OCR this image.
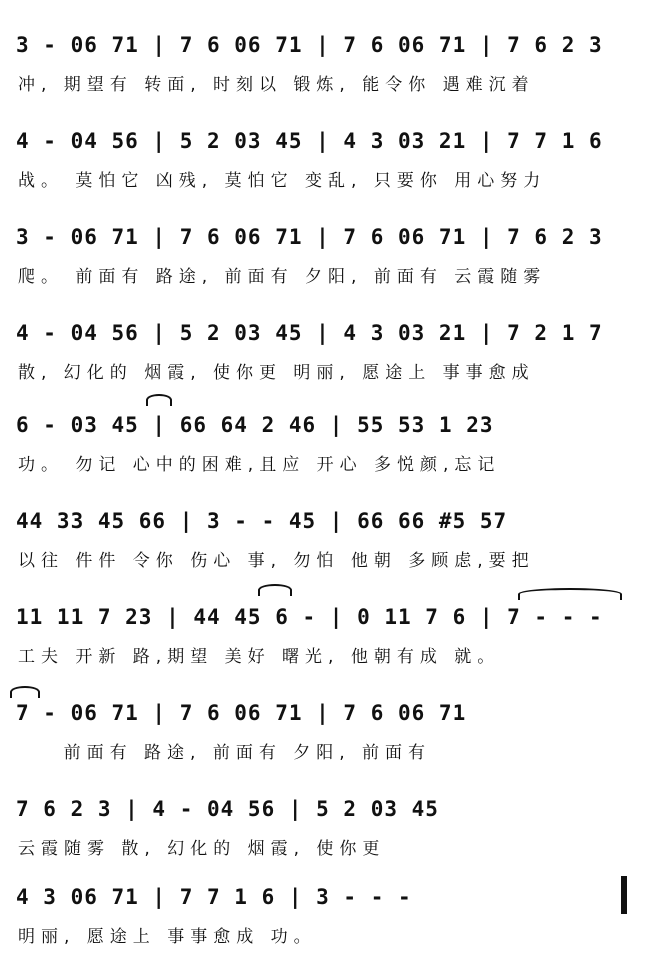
3 - 06 71 | 7 6 06 71 | 7 6 06 71 | 7 6 2 3
冲, 期望有 转面, 时刻以 锻炼, 能令你 遇难沉着
4 - 04 56 | 5 2 03 45 | 4 3 03 21 | 7 7 1 6
战。 莫怕它 凶残, 莫怕它 变乱, 只要你 用心努力
3 - 06 71 | 7 6 06 71 | 7 6 06 71 | 7 6 2 3
爬。 前面有 路途, 前面有 夕阳, 前面有 云霞随雾
4 - 04 56 | 5 2 03 45 | 4 3 03 21 | 7 2 1 7
散, 幻化的 烟霞, 使你更 明丽, 愿途上 事事愈成
6 - 03 45 | 66 64 2 46 | 55 53 1 23
功。 勿记 心中的困难,且应 开心 多悦颜,忘记
44 33 45 66 | 3 - - 45 | 66 66 #5 57
以往 件件 令你 伤心 事, 勿怕 他朝 多顾虑,要把
11 11 7 23 | 44 45 6 - | 0 11 7 6 | 7 - - -
工夫 开新 路,期望 美好 曙光, 他朝有成 就。
7 - 06 71 | 7 6 06 71 | 7 6 06 71
前面有 路途, 前面有 夕阳, 前面有
7 6 2 3 | 4 - 04 56 | 5 2 03 45
云霞随雾 散, 幻化的 烟霞, 使你更
4 3 06 71 | 7 7 1 6 | 3 - - -
明丽, 愿途上 事事愈成 功。
